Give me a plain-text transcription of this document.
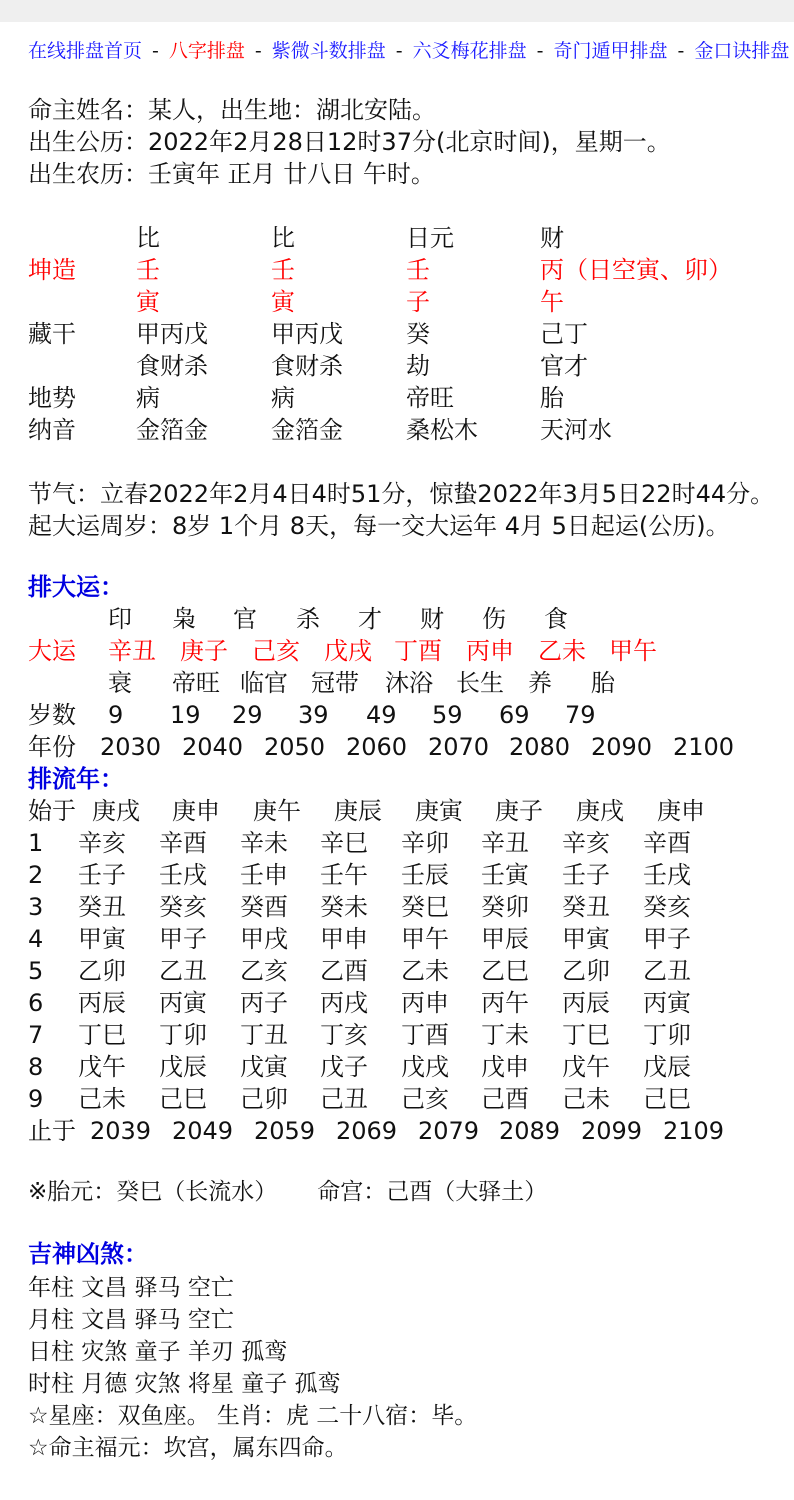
在线排盘首页 - 八字排盘 - 紫微斗数排盘 - 六爻梅花排盘 - 奇门遁甲排盘 - 金口诀排盘
命主姓名：某人，出生地：湖北安陆。
出生公历：2022年2月28日12时37分(北京时间)，星期一。
出生农历：壬寅年 正月 廿八日 午时。
比	比	日元	财
坤造	壬	壬	壬	丙（日空寅、卯）
寅	寅	子	午
藏干	甲丙戊	甲丙戊	癸	己丁
食财杀	食财杀	劫	官才
地势	病	病	帝旺	胎
纳音	金箔金	金箔金	桑松木	天河水
节气：立春2022年2月4日4时51分，惊蛰2022年3月5日22时44分。
起大运周岁：8岁 1个月 8天，每一交大运年 4月 5日起运(公历)。
排大运：
印 枭 官 杀 才 财 伤 食
大运 辛丑 庚子 己亥 戊戌 丁酉 丙申 乙未 甲午
衰 帝旺 临官 冠带 沐浴 长生 养 胎
岁数 9 19 29 39 49 59 69 79
年份 2030 2040 2050 2060 2070 2080 2090 2100
排流年：
始于 庚戌 庚申 庚午 庚辰 庚寅 庚子 庚戌 庚申
1 辛亥 辛酉 辛未 辛巳 辛卯 辛丑 辛亥 辛酉
2 壬子 壬戌 壬申 壬午 壬辰 壬寅 壬子 壬戌
3 癸丑 癸亥 癸酉 癸未 癸巳 癸卯 癸丑 癸亥
4 甲寅 甲子 甲戌 甲申 甲午 甲辰 甲寅 甲子
5 乙卯 乙丑 乙亥 乙酉 乙未 乙巳 乙卯 乙丑
6 丙辰 丙寅 丙子 丙戌 丙申 丙午 丙辰 丙寅
7 丁巳 丁卯 丁丑 丁亥 丁酉 丁未 丁巳 丁卯
8 戊午 戊辰 戊寅 戊子 戊戌 戊申 戊午 戊辰
9 己未 己巳 己卯 己丑 己亥 己酉 己未 己巳
止于 2039 2049 2059 2069 2079 2089 2099 2109
※胎元：癸巳（长流水） 命宫：己酉（大驿土）
吉神凶煞：
年柱 文昌 驿马 空亡
月柱 文昌 驿马 空亡
日柱 灾煞 童子 羊刃 孤鸾
时柱 月德 灾煞 将星 童子 孤鸾
☆星座：双鱼座。 生肖：虎 二十八宿：毕。
☆命主福元：坎宫，属东四命。
